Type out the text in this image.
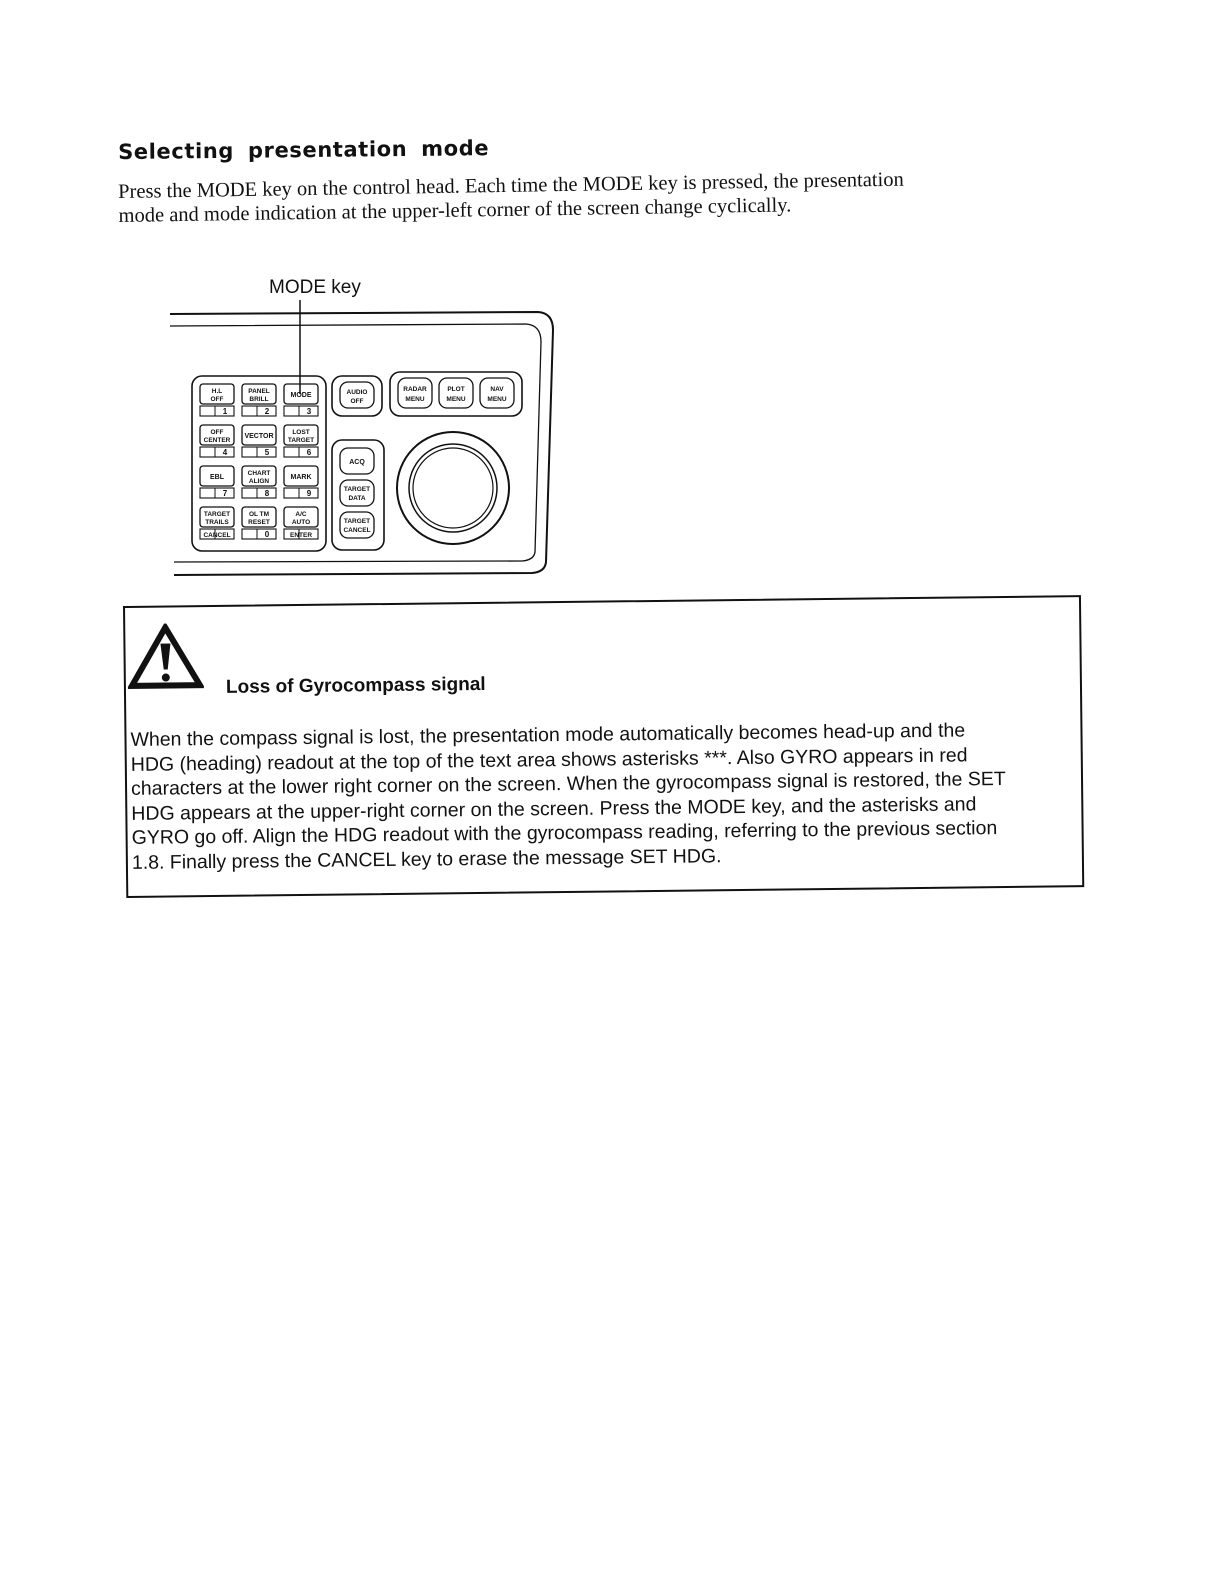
Selecting presentation mode
Press the MODE key on the control head. Each time the MODE key is pressed, the presentation
mode and mode indication at the upper-left corner of the screen change cyclically.
MODE key
H.L
OFF
1
PANEL
BRILL
2
MODE
3
OFF
CENTER
4
VECTOR
5
LOST
TARGET
6
EBL
7
CHART
ALIGN
8
MARK
9
TARGET
TRAILS
CANCEL
OL TM
RESET
0
A/C
AUTO
ENTER
AUDIO
OFF
RADAR
MENU
PLOT
MENU
NAV
MENU
ACQ
TARGET
DATA
TARGET
CANCEL
Loss of Gyrocompass signal
When the compass signal is lost, the presentation mode automatically becomes head-up and the
HDG (heading) readout at the top of the text area shows asterisks ***. Also GYRO appears in red
characters at the lower right corner on the screen. When the gyrocompass signal is restored, the SET
HDG appears at the upper-right corner on the screen. Press the MODE key, and the asterisks and
GYRO go off. Align the HDG readout with the gyrocompass reading, referring to the previous section
1.8. Finally press the CANCEL key to erase the message SET HDG.
